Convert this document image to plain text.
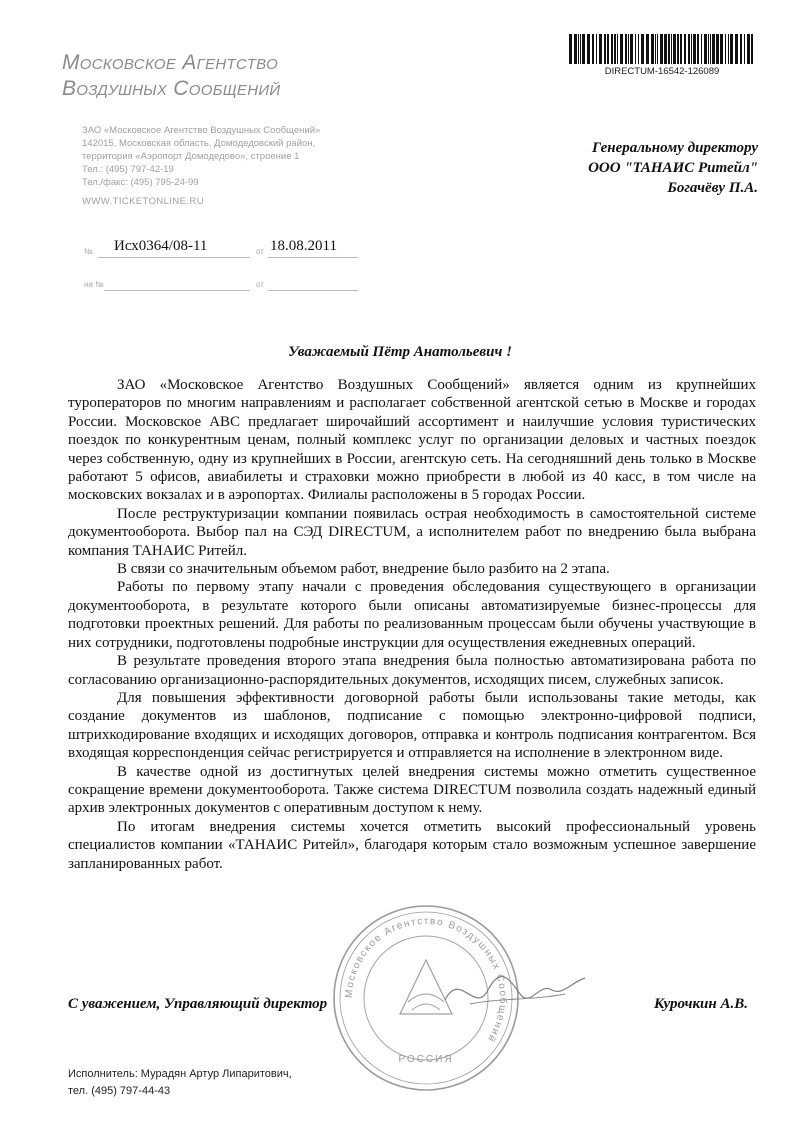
Московское Агентство
Воздушных Сообщений
ЗАО «Московское Агентство Воздушных Сообщений»
142015, Московская область, Домодедовский район,
территория «Аэропорт Домодедово», строение 1
Тел.: (495) 797-42-19
Тел./факс: (495) 795-24-99
WWW.TICKETONLINE.RU
DIRECTUM-16542-126089
Генеральному директору
ООО "ТАНАИС Ритейл"
Богачёву П.А.
№ Исх0364/08-11	от 18.08.2011
на №	от
Уважаемый Пётр Анатольевич !

ЗАО «Московское Агентство Воздушных Сообщений» является одним из крупнейших туроператоров по многим направлениям и располагает собственной агентской сетью в Москве и городах России. Московское АВС предлагает широчайший ассортимент и наилучшие условия туристических поездок по конкурентным ценам, полный комплекс услуг по организации деловых и частных поездок через собственную, одну из крупнейших в России, агентскую сеть. На сегодняшний день только в Москве работают 5 офисов, авиабилеты и страховки можно приобрести в любой из 40 касс, в том числе на московских вокзалах и в аэропортах. Филиалы расположены в 5 городах России.

После реструктуризации компании появилась острая необходимость в самостоятельной системе документооборота. Выбор пал на СЭД DIRECTUM, а исполнителем работ по внедрению была выбрана компания ТАНАИС Ритейл.

В связи со значительным объемом работ, внедрение было разбито на 2 этапа.

Работы по первому этапу начали с проведения обследования существующего в организации документооборота, в результате которого были описаны автоматизируемые бизнес-процессы для подготовки проектных решений. Для работы по реализованным процессам были обучены участвующие в них сотрудники, подготовлены подробные инструкции для осуществления ежедневных операций.

В результате проведения второго этапа внедрения была полностью автоматизирована работа по согласованию организационно-распорядительных документов, исходящих писем, служебных записок.

Для повышения эффективности договорной работы были использованы такие методы, как создание документов из шаблонов, подписание с помощью электронно-цифровой подписи, штрихкодирование входящих и исходящих договоров, отправка и контроль подписания контрагентом. Вся входящая корреспонденция сейчас регистрируется и отправляется на исполнение в электронном виде.

В качестве одной из достигнутых целей внедрения системы можно отметить существенное сокращение времени документооборота. Также система DIRECTUM позволила создать надежный единый архив электронных документов с оперативным доступом к нему.

По итогам внедрения системы хочется отметить высокий профессиональный уровень специалистов компании «ТАНАИС Ритейл», благодаря которым стало возможным успешное завершение запланированных работ.

Московское Агентство Воздушных Сообщений
РОССИЯ
С уважением, Управляющий директор	Курочкин А.В.
Исполнитель: Мурадян Артур Липаритович,
тел. (495) 797-44-43
